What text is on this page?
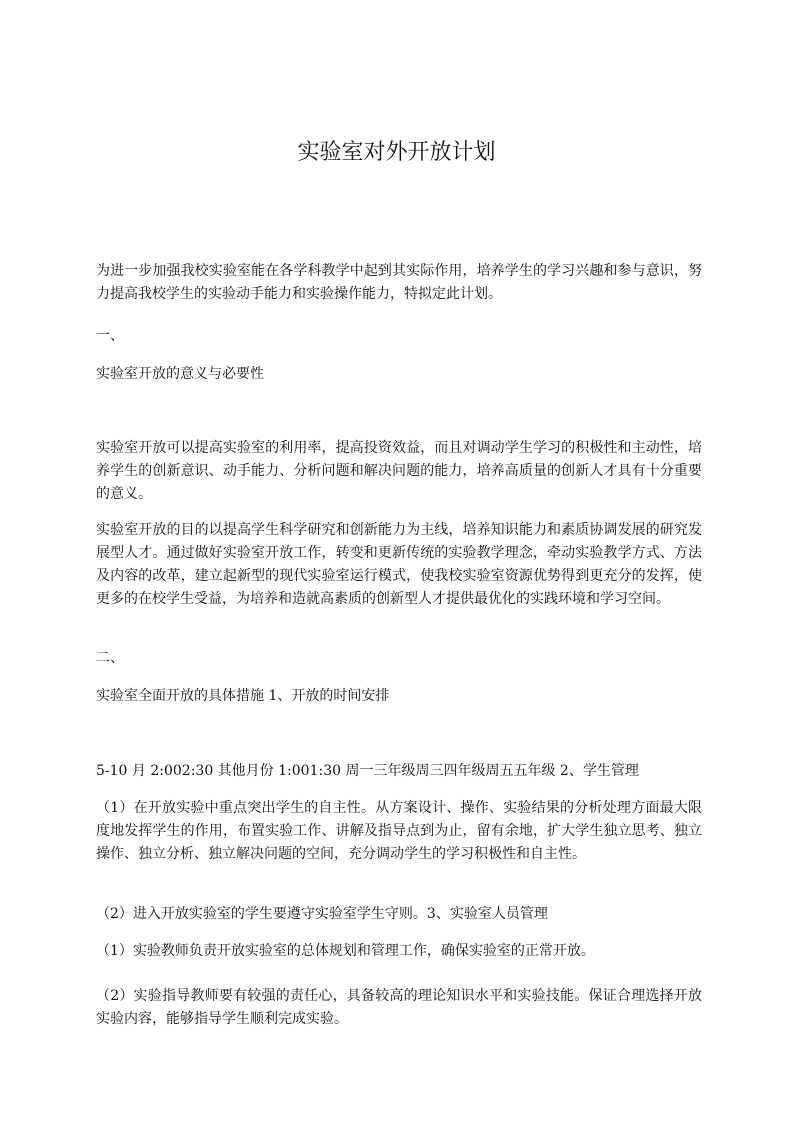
实验室对外开放计划

为进一步加强我校实验室能在各学科教学中起到其实际作用，培养学生的学习兴趣和参与意识，努力提高我校学生的实验动手能力和实验操作能力，特拟定此计划。

一、

实验室开放的意义与必要性

实验室开放可以提高实验室的利用率，提高投资效益，而且对调动学生学习的积极性和主动性，培养学生的创新意识、动手能力、分析问题和解决问题的能力，培养高质量的创新人才具有十分重要的意义。

实验室开放的目的以提高学生科学研究和创新能力为主线，培养知识能力和素质协调发展的研究发展型人才。通过做好实验室开放工作，转变和更新传统的实验教学理念，牵动实验教学方式、方法及内容的改革，建立起新型的现代实验室运行模式，使我校实验室资源优势得到更充分的发挥，使更多的在校学生受益，为培养和造就高素质的创新型人才提供最优化的实践环境和学习空间。

二、

实验室全面开放的具体措施 1、开放的时间安排

5-10 月 2:002:30 其他月份 1:001:30 周一三年级周三四年级周五五年级 2、学生管理

（1）在开放实验中重点突出学生的自主性。从方案设计、操作、实验结果的分析处理方面最大限度地发挥学生的作用，布置实验工作、讲解及指导点到为止，留有余地，扩大学生独立思考、独立操作、独立分析、独立解决问题的空间，充分调动学生的学习积极性和自主性。

（2）进入开放实验室的学生要遵守实验室学生守则。3、实验室人员管理

（1）实验教师负责开放实验室的总体规划和管理工作，确保实验室的正常开放。

（2）实验指导教师要有较强的责任心，具备较高的理论知识水平和实验技能。保证合理选择开放实验内容，能够指导学生顺利完成实验。
